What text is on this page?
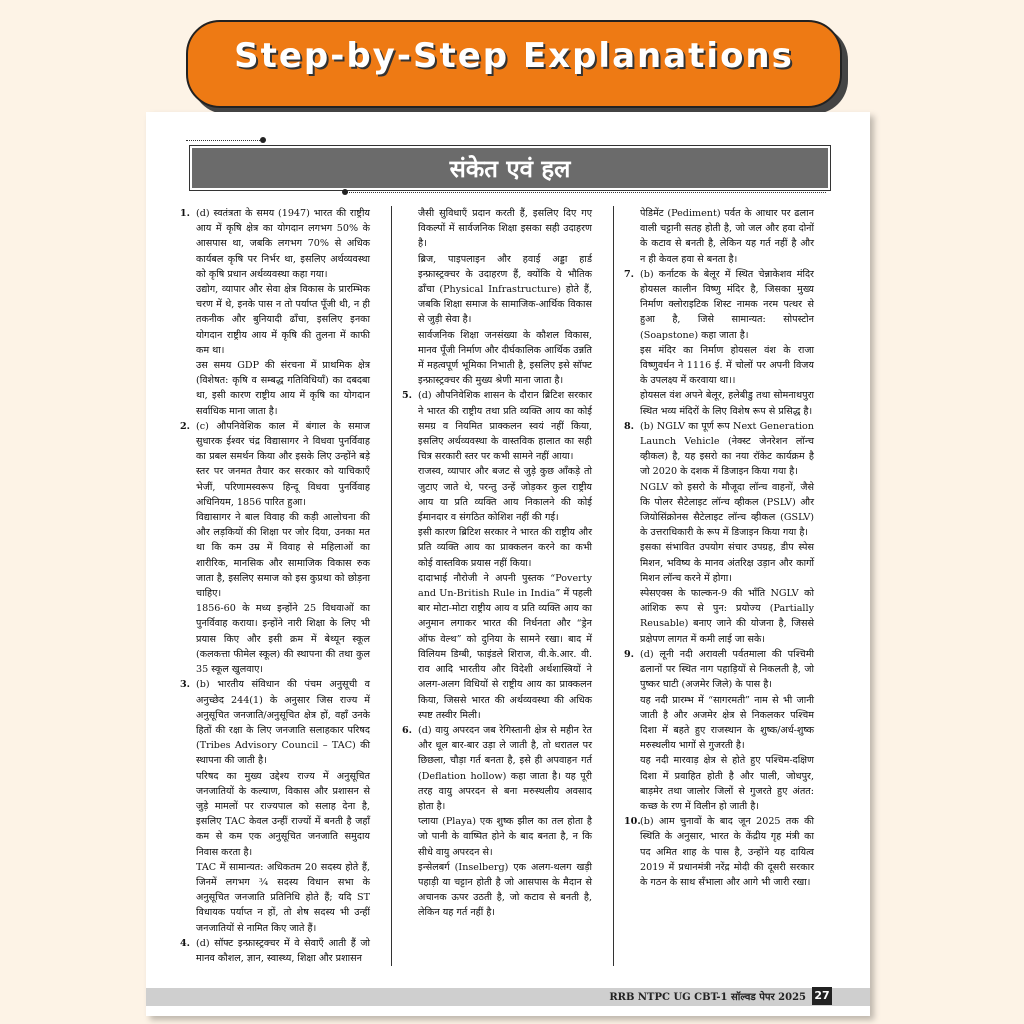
Step-by-Step Explanations
संकेत एवं हल
1. (d) स्वतंत्रता के समय (1947) भारत की राष्ट्रीय आय में कृषि क्षेत्र का योगदान लगभग 50% के आसपास था, जबकि लगभग 70% से अधिक कार्यबल कृषि पर निर्भर था, इसलिए अर्थव्यवस्था को कृषि प्रधान अर्थव्यवस्था कहा गया।
उद्योग, व्यापार और सेवा क्षेत्र विकास के प्रारम्भिक चरण में थे, इनके पास न तो पर्याप्त पूँजी थी, न ही तकनीक और बुनियादी ढाँचा, इसलिए इनका योगदान राष्ट्रीय आय में कृषि की तुलना में काफी कम था।
उस समय GDP की संरचना में प्राथमिक क्षेत्र (विशेषत: कृषि व सम्बद्ध गतिविधियाँ) का दबदबा था, इसी कारण राष्ट्रीय आय में कृषि का योगदान सर्वाधिक माना जाता है।
2. (c) औपनिवेशिक काल में बंगाल के समाज सुधारक ईश्वर चंद्र विद्यासागर ने विधवा पुनर्विवाह का प्रबल समर्थन किया और इसके लिए उन्होंने बड़े स्तर पर जनमत तैयार कर सरकार को याचिकाएँ भेजीं, परिणामस्वरूप हिन्दू विधवा पुनर्विवाह अधिनियम, 1856 पारित हुआ।
विद्यासागर ने बाल विवाह की कड़ी आलोचना की और लड़कियों की शिक्षा पर जोर दिया, उनका मत था कि कम उम्र में विवाह से महिलाओं का शारीरिक, मानसिक और सामाजिक विकास रुक जाता है, इसलिए समाज को इस कुप्रथा को छोड़ना चाहिए।
1856-60 के मध्य इन्होंने 25 विधवाओं का पुनर्विवाह कराया। इन्होंने नारी शिक्षा के लिए भी प्रयास किए और इसी क्रम में बेथ्यून स्कूल (कलकत्ता फीमेल स्कूल) की स्थापना की तथा कुल 35 स्कूल खुलवाए।
3. (b) भारतीय संविधान की पंचम अनुसूची व अनुच्छेद 244(1) के अनुसार जिस राज्य में अनुसूचित जनजाति/अनुसूचित क्षेत्र हों, वहाँ उनके हितों की रक्षा के लिए जनजाति सलाहकार परिषद (Tribes Advisory Council – TAC) की स्थापना की जाती है।
परिषद का मुख्य उद्देश्य राज्य में अनुसूचित जनजातियों के कल्याण, विकास और प्रशासन से जुड़े मामलों पर राज्यपाल को सलाह देना है, इसलिए TAC केवल उन्हीं राज्यों में बनती है जहाँ कम से कम एक अनुसूचित जनजाति समुदाय निवास करता है।
TAC में सामान्यत: अधिकतम 20 सदस्य होते हैं, जिनमें लगभग ¾ सदस्य विधान सभा के अनुसूचित जनजाति प्रतिनिधि होते हैं; यदि ST विधायक पर्याप्त न हों, तो शेष सदस्य भी उन्हीं जनजातियों से नामित किए जाते हैं।
4. (d) सॉफ्ट इन्फ्रास्ट्रक्चर में वे सेवाएँ आती हैं जो मानव कौशल, ज्ञान, स्वास्थ्य, शिक्षा और प्रशासन
जैसी सुविधाएँ प्रदान करती हैं, इसलिए दिए गए विकल्पों में सार्वजनिक शिक्षा इसका सही उदाहरण है।
ब्रिज, पाइपलाइन और हवाई अड्डा हार्ड इन्फ्रास्ट्रक्चर के उदाहरण हैं, क्योंकि ये भौतिक ढाँचा (Physical Infrastructure) होते हैं, जबकि शिक्षा समाज के सामाजिक-आर्थिक विकास से जुड़ी सेवा है।
सार्वजनिक शिक्षा जनसंख्या के कौशल विकास, मानव पूँजी निर्माण और दीर्घकालिक आर्थिक उन्नति में महत्वपूर्ण भूमिका निभाती है, इसलिए इसे सॉफ्ट इन्फ्रास्ट्रक्चर की मुख्य श्रेणी माना जाता है।
5. (d) औपनिवेशिक शासन के दौरान ब्रिटिश सरकार ने भारत की राष्ट्रीय तथा प्रति व्यक्ति आय का कोई समग्र व नियमित प्राक्कलन स्वयं नहीं किया, इसलिए अर्थव्यवस्था के वास्तविक हालात का सही चित्र सरकारी स्तर पर कभी सामने नहीं आया।
राजस्व, व्यापार और बजट से जुड़े कुछ आँकड़े तो जुटाए जाते थे, परन्तु उन्हें जोड़कर कुल राष्ट्रीय आय या प्रति व्यक्ति आय निकालने की कोई ईमानदार व संगठित कोशिश नहीं की गई।
इसी कारण ब्रिटिश सरकार ने भारत की राष्ट्रीय और प्रति व्यक्ति आय का प्राक्कलन करने का कभी कोई वास्तविक प्रयास नहीं किया।
दादाभाई नौरोजी ने अपनी पुस्तक “Poverty and Un-British Rule in India” में पहली बार मोटा-मोटा राष्ट्रीय आय व प्रति व्यक्ति आय का अनुमान लगाकर भारत की निर्धनता और “ड्रेन ऑफ वेल्थ” को दुनिया के सामने रखा। बाद में विलियम डिग्बी, फाइंडले शिराज, वी.के.आर. वी. राव आदि भारतीय और विदेशी अर्थशास्त्रियों ने अलग-अलग विधियों से राष्ट्रीय आय का प्राक्कलन किया, जिससे भारत की अर्थव्यवस्था की अधिक स्पष्ट तस्वीर मिली।
6. (d) वायु अपरदन जब रेगिस्तानी क्षेत्र से महीन रेत और धूल बार-बार उड़ा ले जाती है, तो धरातल पर छिछला, चौड़ा गर्त बनता है, इसे ही अपवाहन गर्त (Deflation hollow) कहा जाता है। यह पूरी तरह वायु अपरदन से बना मरुस्थलीय अवसाद होता है।
प्लाया (Playa) एक शुष्क झील का तल होता है जो पानी के वाष्पित होने के बाद बनता है, न कि सीधे वायु अपरदन से।
इन्सेलबर्ग (Inselberg) एक अलग-थलग खड़ी पहाड़ी या चट्टान होती है जो आसपास के मैदान से अचानक ऊपर उठती है, जो कटाव से बनती है, लेकिन यह गर्त नहीं है।
पेडिमेंट (Pediment) पर्वत के आधार पर ढलान वाली चट्टानी सतह होती है, जो जल और हवा दोनों के कटाव से बनती है, लेकिन यह गर्त नहीं है और न ही केवल हवा से बनता है।
7. (b) कर्नाटक के बेलूर में स्थित चेन्नाकेशव मंदिर होयसल कालीन विष्णु मंदिर है, जिसका मुख्य निर्माण क्लोराइटिक शिस्ट नामक नरम पत्थर से हुआ है, जिसे सामान्यत: सोपस्टोन (Soapstone) कहा जाता है।
इस मंदिर का निर्माण होयसल वंश के राजा विष्णुवर्धन ने 1116 ई. में चोलों पर अपनी विजय के उपलक्ष्य में करवाया था।।
होयसल वंश अपने बेलूर, हलेबीडु तथा सोमनाथपुरा स्थित भव्य मंदिरों के लिए विशेष रूप से प्रसिद्ध है।
8. (b) NGLV का पूर्ण रूप Next Generation Launch Vehicle (नेक्स्ट जेनरेशन लॉन्च व्हीकल) है, यह इसरो का नया रॉकेट कार्यक्रम है जो 2020 के दशक में डिजाइन किया गया है।
NGLV को इसरो के मौजूदा लॉन्च वाहनों, जैसे कि पोलर सैटेलाइट लॉन्च व्हीकल (PSLV) और जियोसिंक्रोनस सैटेलाइट लॉन्च व्हीकल (GSLV) के उत्तराधिकारी के रूप में डिजाइन किया गया है।
इसका संभावित उपयोग संचार उपग्रह, डीप स्पेस मिशन, भविष्य के मानव अंतरिक्ष उड़ान और कार्गो मिशन लॉन्च करने में होगा।
स्पेसएक्स के फाल्कन-9 की भाँति NGLV को आंशिक रूप से पुन: प्रयोज्य (Partially Reusable) बनाए जाने की योजना है, जिससे प्रक्षेपण लागत में कमी लाई जा सके।
9. (d) लूनी नदी अरावली पर्वतमाला की पश्चिमी ढलानों पर स्थित नाग पहाड़ियों से निकलती है, जो पुष्कर घाटी (अजमेर जिले) के पास है।
यह नदी प्रारम्भ में “सागरमती” नाम से भी जानी जाती है और अजमेर क्षेत्र से निकलकर पश्चिम दिशा में बहते हुए राजस्थान के शुष्क/अर्ध-शुष्क मरुस्थलीय भागों से गुजरती है।
यह नदी मारवाड़ क्षेत्र से होते हुए पश्चिम-दक्षिण दिशा में प्रवाहित होती है और पाली, जोधपुर, बाड़मेर तथा जालोर जिलों से गुजरते हुए अंतत: कच्छ के रण में विलीन हो जाती है।
10. (b) आम चुनावों के बाद जून 2025 तक की स्थिति के अनुसार, भारत के केंद्रीय गृह मंत्री का पद अमित शाह के पास है, उन्होंने यह दायित्व 2019 में प्रधानमंत्री नरेंद्र मोदी की दूसरी सरकार के गठन के साथ सँभाला और आगे भी जारी रखा।
RRB NTPC UG CBT-1 सॉल्वड पेपर 2025 27
